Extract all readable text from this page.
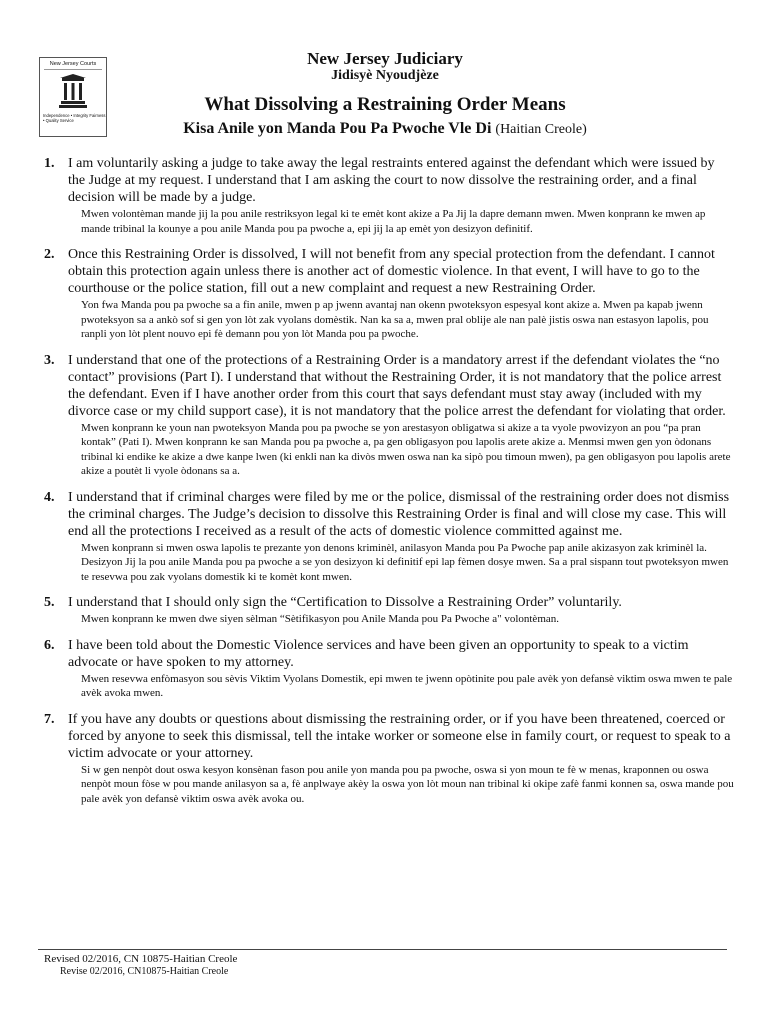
New Jersey Courts
Independence • Integrity Fairness • Quality Service
New Jersey Judiciary
Jidisyè Nyoudjèze
What Dissolving a Restraining Order Means
Kisa Anile yon Manda Pou Pa Pwoche Vle Di (Haitian Creole)
1. I am voluntarily asking a judge to take away the legal restraints entered against the defendant which were issued by the Judge at my request. I understand that I am asking the court to now dissolve the restraining order, and a final decision will be made by a judge.
Mwen volontèman mande jij la pou anile restriksyon legal ki te emèt kont akize a Pa Jij la dapre demann mwen. Mwen konprann ke mwen ap mande tribinal la kounye a pou anile Manda pou pa pwoche a, epi jij la ap emèt yon desizyon definitif.
2. Once this Restraining Order is dissolved, I will not benefit from any special protection from the defendant. I cannot obtain this protection again unless there is another act of domestic violence. In that event, I will have to go to the courthouse or the police station, fill out a new complaint and request a new Restraining Order.
Yon fwa Manda pou pa pwoche sa a fin anile, mwen p ap jwenn avantaj nan okenn pwoteksyon espesyal kont akize a. Mwen pa kapab jwenn pwoteksyon sa a ankò sof si gen yon lòt zak vyolans domèstik. Nan ka sa a, mwen pral oblije ale nan palè jistis oswa nan estasyon lapolis, pou ranpli yon lòt plent nouvo epi fè demann pou yon lòt Manda pou pa pwoche.
3. I understand that one of the protections of a Restraining Order is a mandatory arrest if the defendant violates the “no contact” provisions (Part I). I understand that without the Restraining Order, it is not mandatory that the police arrest the defendant. Even if I have another order from this court that says defendant must stay away (included with my divorce case or my child support case), it is not mandatory that the police arrest the defendant for violating that order.
Mwen konprann ke youn nan pwoteksyon Manda pou pa pwoche se yon arestasyon obligatwa si akize a ta vyole pwovizyon an pou “pa pran kontak” (Pati I). Mwen konprann ke san Manda pou pa pwoche a, pa gen obligasyon pou lapolis arete akize a. Menmsi mwen gen yon òdonans tribinal ki endike ke akize a dwe kanpe lwen (ki enkli nan ka divòs mwen oswa nan ka sipò pou timoun mwen), pa gen obligasyon pou lapolis arete akize a poutèt li vyole òdonans sa a.
4. I understand that if criminal charges were filed by me or the police, dismissal of the restraining order does not dismiss the criminal charges. The Judge’s decision to dissolve this Restraining Order is final and will close my case. This will end all the protections I received as a result of the acts of domestic violence committed against me.
Mwen konprann si mwen oswa lapolis te prezante yon denons kriminèl, anilasyon Manda pou Pa Pwoche pap anile akizasyon zak kriminèl la. Desizyon Jij la pou anile Manda pou pa pwoche a se yon desizyon ki definitif epi lap fèmen dosye mwen. Sa a pral sispann tout pwoteksyon mwen te resevwa pou zak vyolans domestik ki te komèt kont mwen.
5. I understand that I should only sign the “Certification to Dissolve a Restraining Order” voluntarily.
Mwen konprann ke mwen dwe siyen sèlman “Sètifikasyon pou Anile Manda pou Pa Pwoche a" volontèman.
6. I have been told about the Domestic Violence services and have been given an opportunity to speak to a victim advocate or have spoken to my attorney.
Mwen resevwa enfòmasyon sou sèvis Viktim Vyolans Domestik, epi mwen te jwenn opòtinite pou pale avèk yon defansè viktim oswa mwen te pale avèk avoka mwen.
7. If you have any doubts or questions about dismissing the restraining order, or if you have been threatened, coerced or forced by anyone to seek this dismissal, tell the intake worker or someone else in family court, or request to speak to a victim advocate or your attorney.
Si w gen nenpòt dout oswa kesyon konsènan fason pou anile yon manda pou pa pwoche, oswa si yon moun te fè w menas, kraponnen ou oswa nenpòt moun fòse w pou mande anilasyon sa a, fè anplwaye akèy la oswa yon lòt moun nan tribinal ki okipe zafè fanmi konnen sa, oswa mande pou pale avèk yon defansè viktim oswa avèk avoka ou.
Revised 02/2016, CN 10875-Haitian Creole
Revise 02/2016, CN10875-Haitian Creole
